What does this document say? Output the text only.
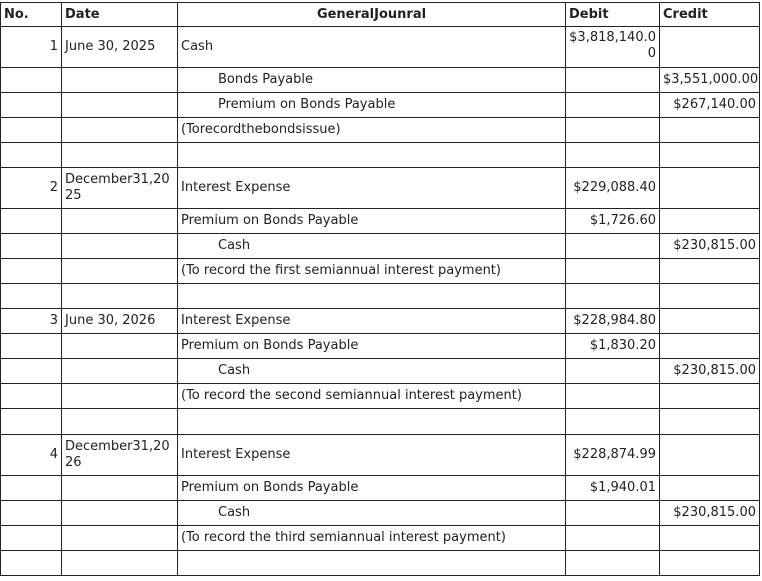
No.	Date	GeneralJounral	Debit	Credit
1	June 30, 2025	Cash	$3,818,140.00	
		Bonds Payable		$3,551,000.00
		Premium on Bonds Payable		$267,140.00
		(Torecordthebondsissue)		

2	December31,2025	Interest Expense	$229,088.40	
		Premium on Bonds Payable	$1,726.60	
		Cash		$230,815.00
		(To record the first semiannual interest payment)		

3	June 30, 2026	Interest Expense	$228,984.80	
		Premium on Bonds Payable	$1,830.20	
		Cash		$230,815.00
		(To record the second semiannual interest payment)		

4	December31,2026	Interest Expense	$228,874.99	
		Premium on Bonds Payable	$1,940.01	
		Cash		$230,815.00
		(To record the third semiannual interest payment)		
